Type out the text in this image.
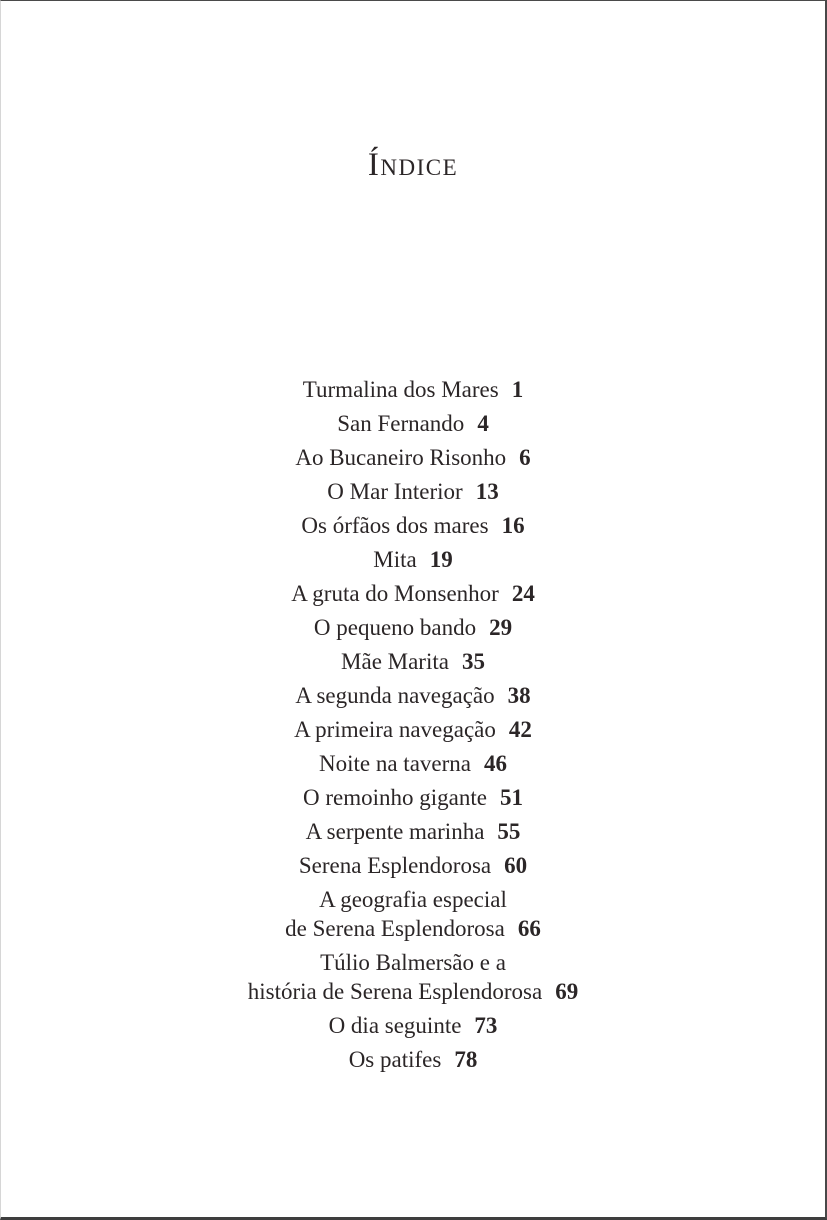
Índice
Turmalina dos Mares 1
San Fernando 4
Ao Bucaneiro Risonho 6
O Mar Interior 13
Os órfãos dos mares 16
Mita 19
A gruta do Monsenhor 24
O pequeno bando 29
Mãe Marita 35
A segunda navegação 38
A primeira navegação 42
Noite na taverna 46
O remoinho gigante 51
A serpente marinha 55
Serena Esplendorosa 60
A geografia especial
de Serena Esplendorosa 66
Túlio Balmersão e a
história de Serena Esplendorosa 69
O dia seguinte 73
Os patifes 78
